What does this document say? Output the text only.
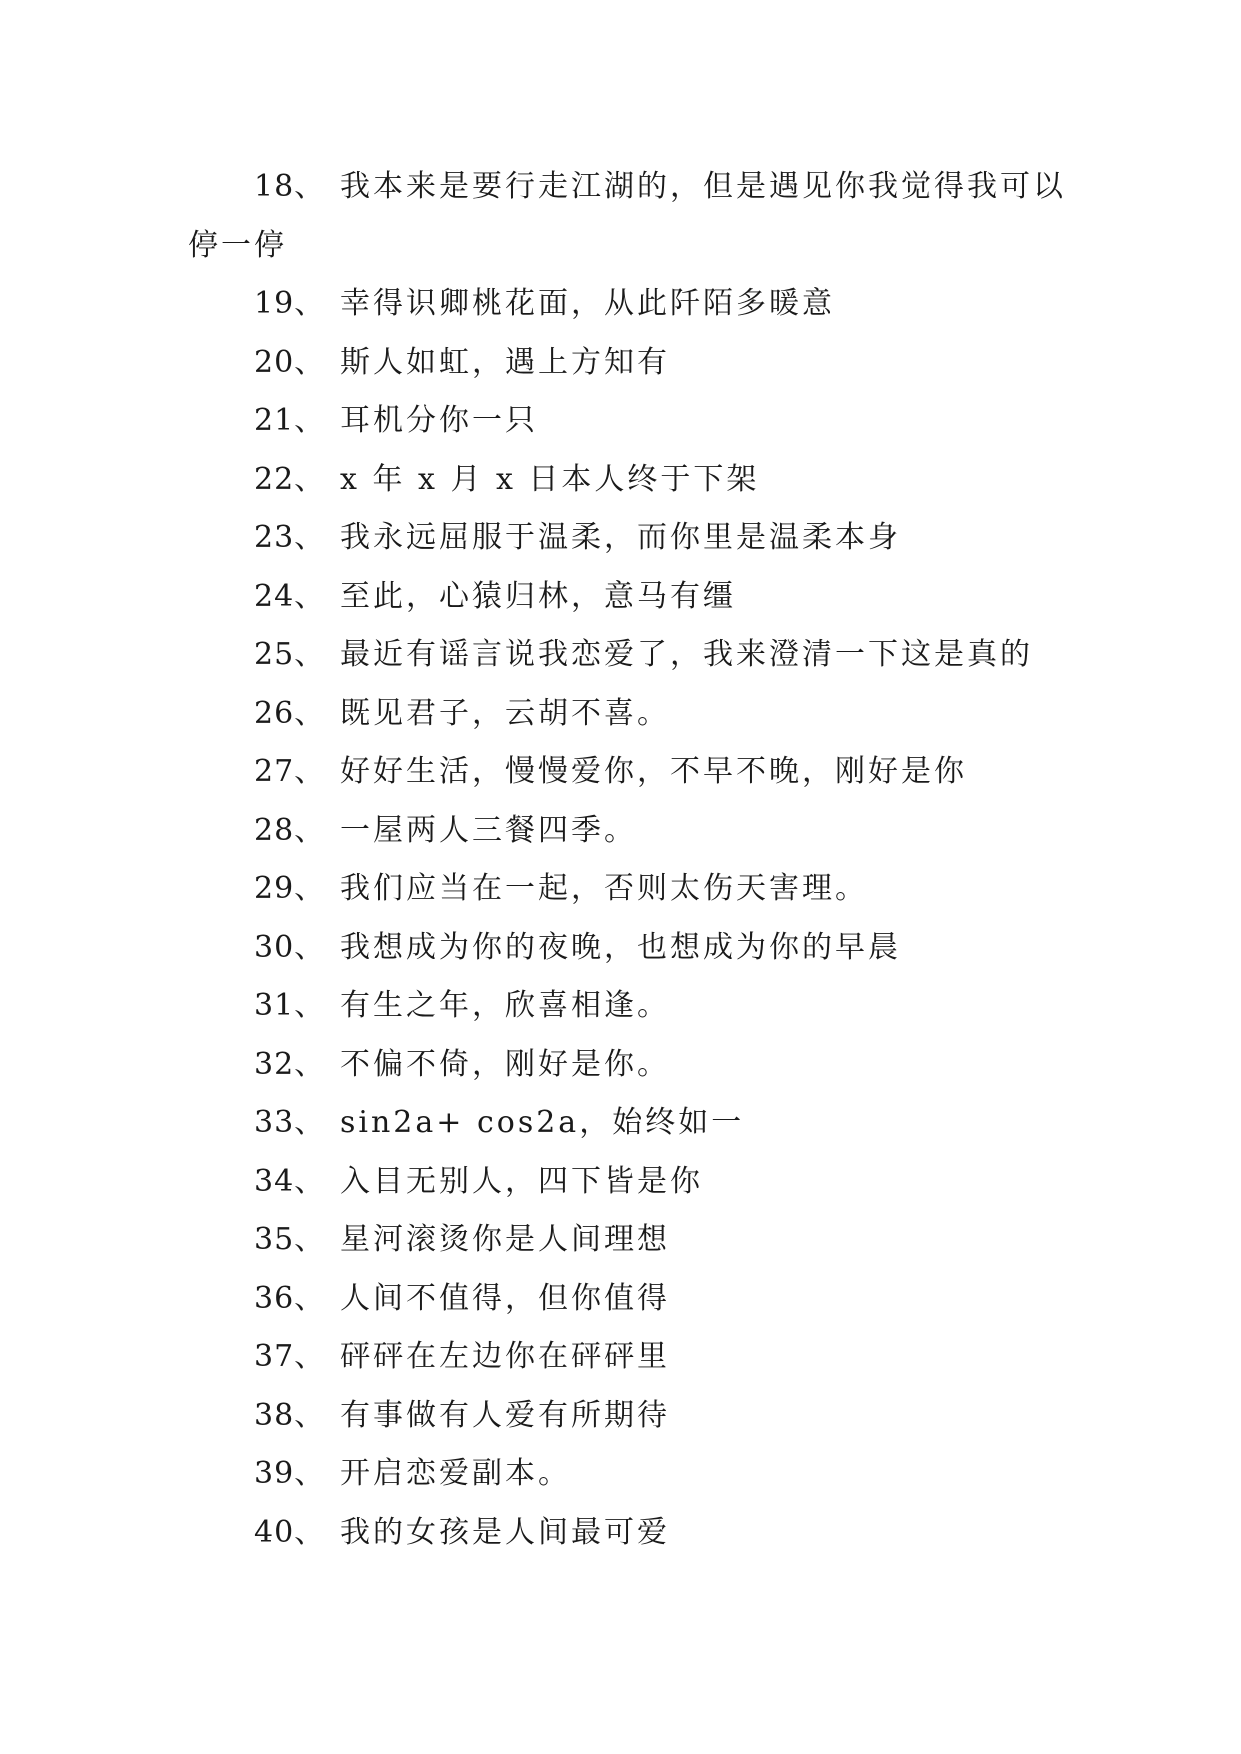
18、 我本来是要行走江湖的，但是遇见你我觉得我可以停一停

19、 幸得识卿桃花面，从此阡陌多暖意

20、 斯人如虹，遇上方知有

21、 耳机分你一只

22、 x 年 x 月 x 日本人终于下架

23、 我永远屈服于温柔，而你里是温柔本身

24、 至此，心猿归林，意马有缰

25、 最近有谣言说我恋爱了，我来澄清一下这是真的

26、 既见君子，云胡不喜。

27、 好好生活，慢慢爱你，不早不晚，刚好是你

28、 一屋两人三餐四季。

29、 我们应当在一起，否则太伤天害理。

30、 我想成为你的夜晚，也想成为你的早晨

31、 有生之年，欣喜相逢。

32、 不偏不倚，刚好是你。

33、 sin2a+ cos2a，始终如一

34、 入目无别人，四下皆是你

35、 星河滚烫你是人间理想

36、 人间不值得，但你值得

37、 砰砰在左边你在砰砰里

38、 有事做有人爱有所期待

39、 开启恋爱副本。

40、 我的女孩是人间最可爱
